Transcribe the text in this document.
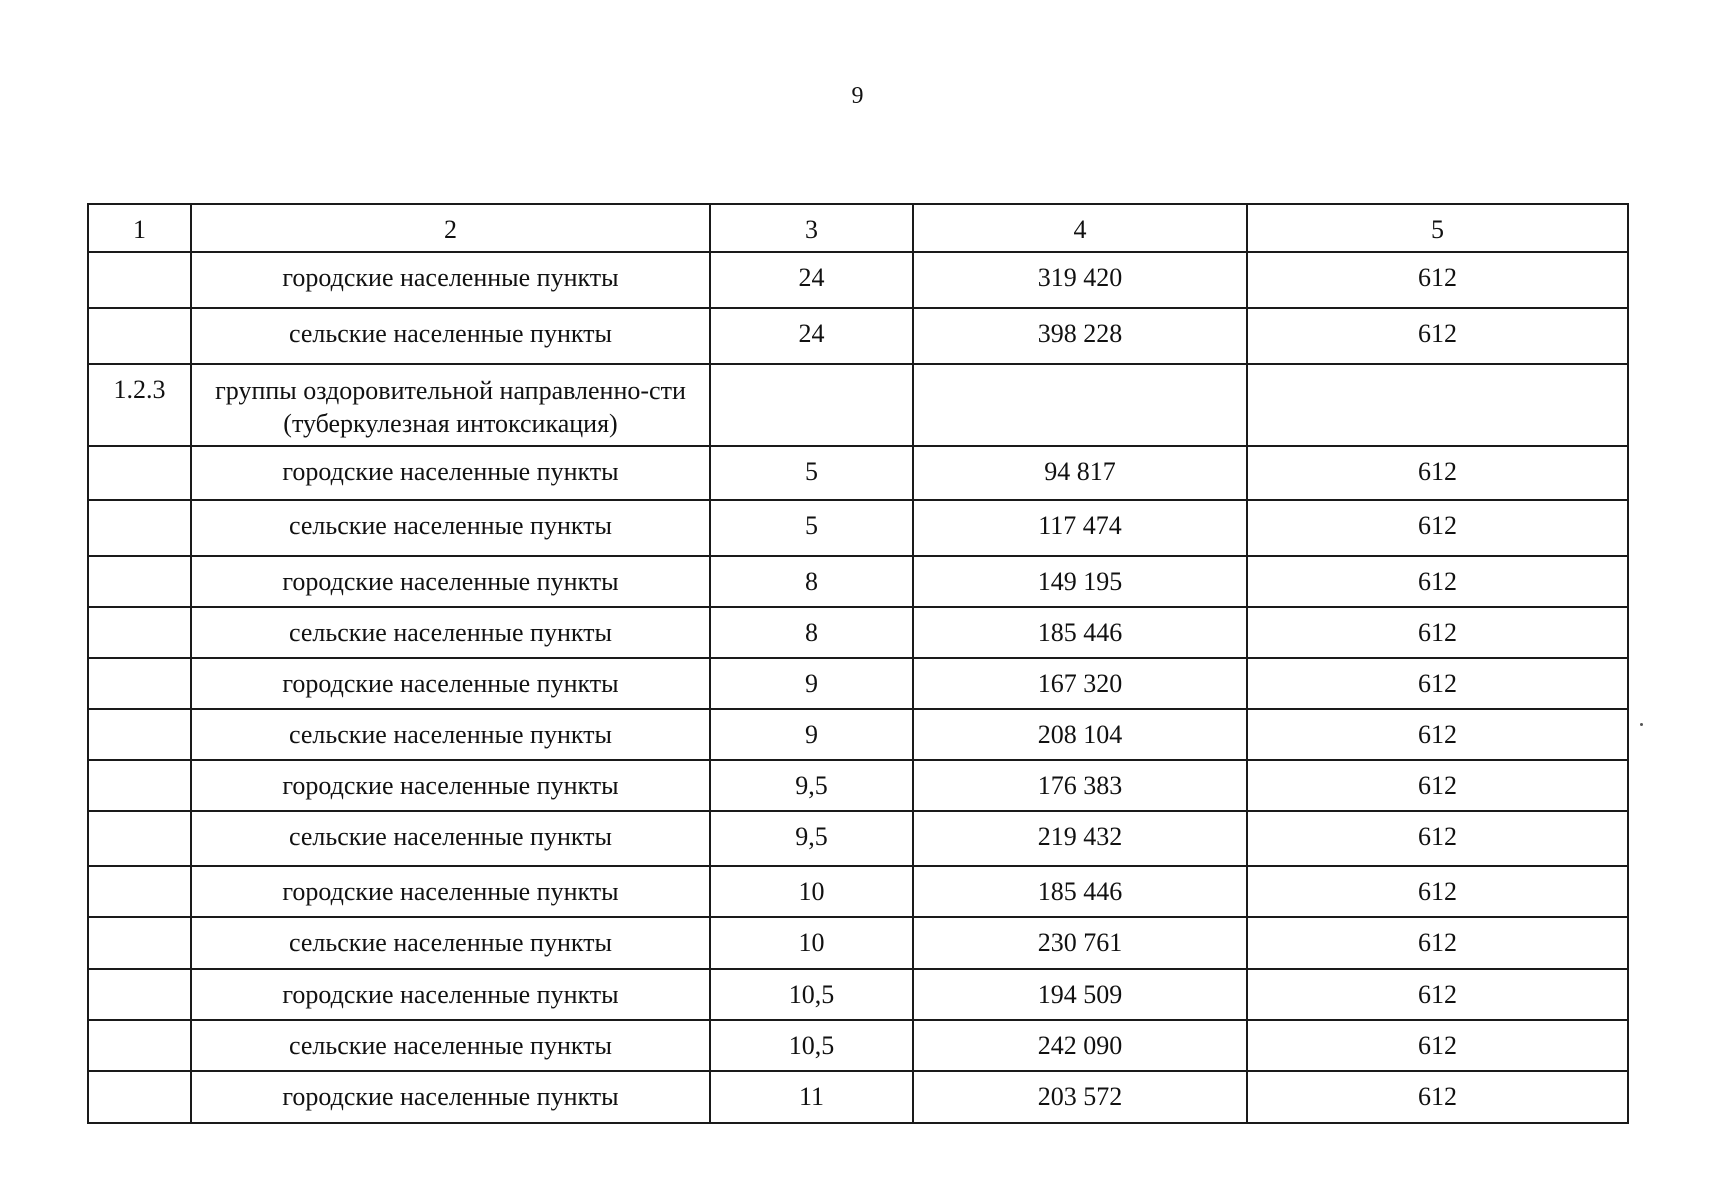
9
1	2	3	4	5
	городские населенные пункты	24	319 420	612
	сельские населенные пункты	24	398 228	612
1.2.3	группы оздоровительной направленно-сти (туберкулезная интоксикация)			
	городские населенные пункты	5	94 817	612
	сельские населенные пункты	5	117 474	612
	городские населенные пункты	8	149 195	612
	сельские населенные пункты	8	185 446	612
	городские населенные пункты	9	167 320	612
	сельские населенные пункты	9	208 104	612
	городские населенные пункты	9,5	176 383	612
	сельские населенные пункты	9,5	219 432	612
	городские населенные пункты	10	185 446	612
	сельские населенные пункты	10	230 761	612
	городские населенные пункты	10,5	194 509	612
	сельские населенные пункты	10,5	242 090	612
	городские населенные пункты	11	203 572	612
